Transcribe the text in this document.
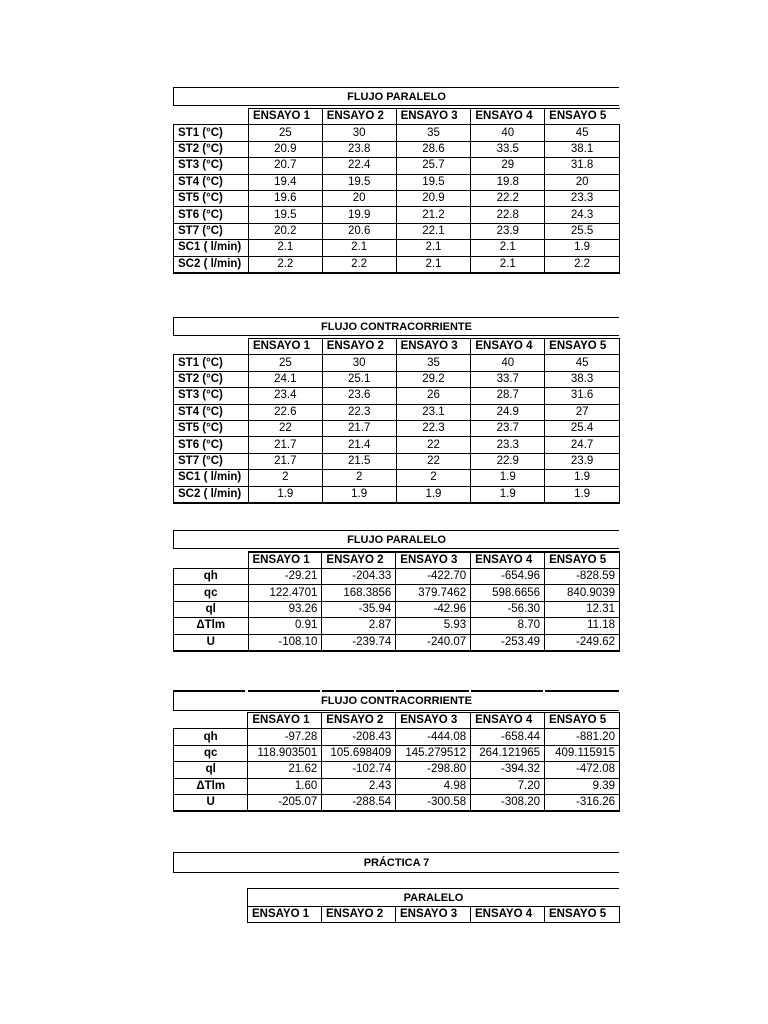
FLUJO PARALELO
	ENSAYO 1	ENSAYO 2	ENSAYO 3	ENSAYO 4	ENSAYO 5
ST1 (°C)	25	30	35	40	45
ST2 (°C)	20.9	23.8	28.6	33.5	38.1
ST3 (°C)	20.7	22.4	25.7	29	31.8
ST4 (°C)	19.4	19.5	19.5	19.8	20
ST5 (°C)	19.6	20	20.9	22.2	23.3
ST6 (°C)	19.5	19.9	21.2	22.8	24.3
ST7 (°C)	20.2	20.6	22.1	23.9	25.5
SC1 ( l/min)	2.1	2.1	2.1	2.1	1.9
SC2 ( l/min)	2.2	2.2	2.1	2.1	2.2
FLUJO CONTRACORRIENTE
	ENSAYO 1	ENSAYO 2	ENSAYO 3	ENSAYO 4	ENSAYO 5
ST1 (°C)	25	30	35	40	45
ST2 (°C)	24.1	25.1	29.2	33.7	38.3
ST3 (°C)	23.4	23.6	26	28.7	31.6
ST4 (°C)	22.6	22.3	23.1	24.9	27
ST5 (°C)	22	21.7	22.3	23.7	25.4
ST6 (°C)	21.7	21.4	22	23.3	24.7
ST7 (°C)	21.7	21.5	22	22.9	23.9
SC1 ( l/min)	2	2	2	1.9	1.9
SC2 ( l/min)	1.9	1.9	1.9	1.9	1.9
FLUJO PARALELO
	ENSAYO 1	ENSAYO 2	ENSAYO 3	ENSAYO 4	ENSAYO 5
qh	-29.21	-204.33	-422.70	-654.96	-828.59
qc	122.4701	168.3856	379.7462	598.6656	840.9039
ql	93.26	-35.94	-42.96	-56.30	12.31
ΔTlm	0.91	2.87	5.93	8.70	11.18
U	-108.10	-239.74	-240.07	-253.49	-249.62
FLUJO CONTRACORRIENTE
	ENSAYO 1	ENSAYO 2	ENSAYO 3	ENSAYO 4	ENSAYO 5
qh	-97.28	-208.43	-444.08	-658.44	-881.20
qc	118.903501	105.698409	145.279512	264.121965	409.115915
ql	21.62	-102.74	-298.80	-394.32	-472.08
ΔTlm	1.60	2.43	4.98	7.20	9.39
U	-205.07	-288.54	-300.58	-308.20	-316.26
PRÁCTICA 7
PARALELO
ENSAYO 1	ENSAYO 2	ENSAYO 3	ENSAYO 4	ENSAYO 5
